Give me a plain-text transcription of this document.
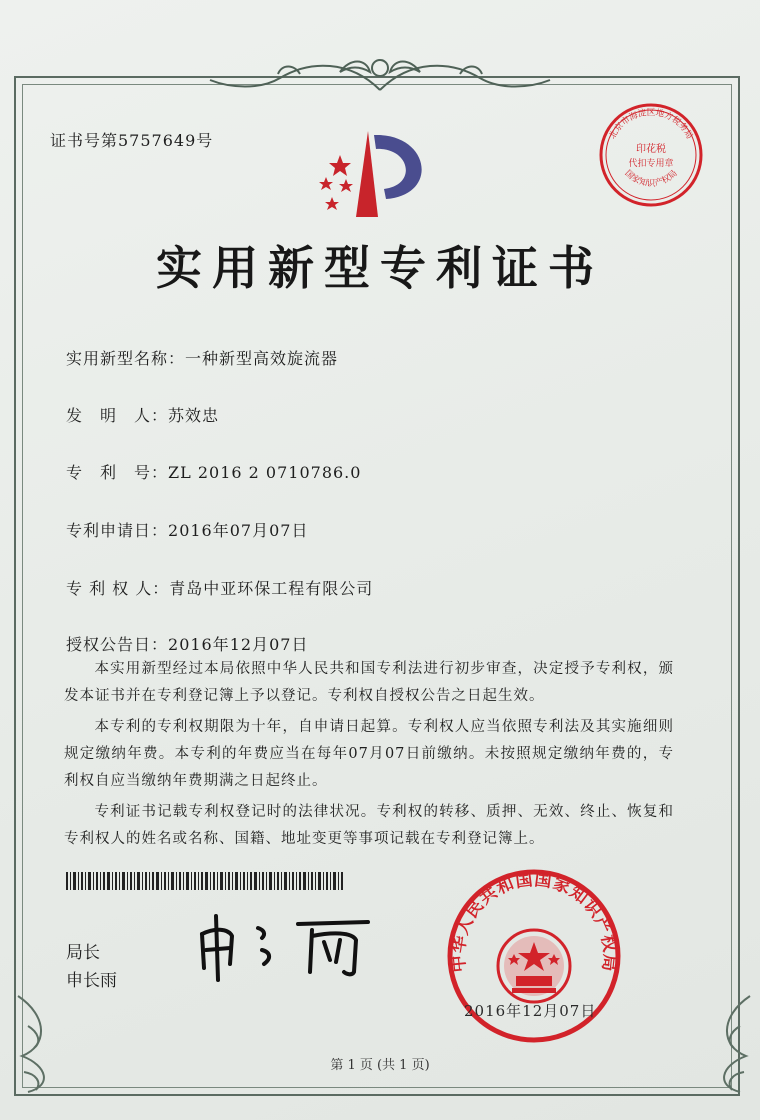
证书号第5757649号
实用新型专利证书
实用新型名称：一种新型高效旋流器
发　明　人：苏效忠
专　利　号：ZL 2016 2 0710786.0
专利申请日：2016年07月07日
专 利 权 人：青岛中亚环保工程有限公司
授权公告日：2016年12月07日

本实用新型经过本局依照中华人民共和国专利法进行初步审查，决定授予专利权，颁发本证书并在专利登记簿上予以登记。专利权自授权公告之日起生效。

本专利的专利权期限为十年，自申请日起算。专利权人应当依照专利法及其实施细则规定缴纳年费。本专利的年费应当在每年07月07日前缴纳。未按照规定缴纳年费的，专利权自应当缴纳年费期满之日起终止。

专利证书记载专利权登记时的法律状况。专利权的转移、质押、无效、终止、恢复和专利权人的姓名或名称、国籍、地址变更等事项记载在专利登记簿上。

局长
申长雨
北京市海淀区地方税务局
印花税
代扣专用章
国家知识产权局
中华人民共和国国家知识产权局
2016年12月07日
第 1 页 (共 1 页)
